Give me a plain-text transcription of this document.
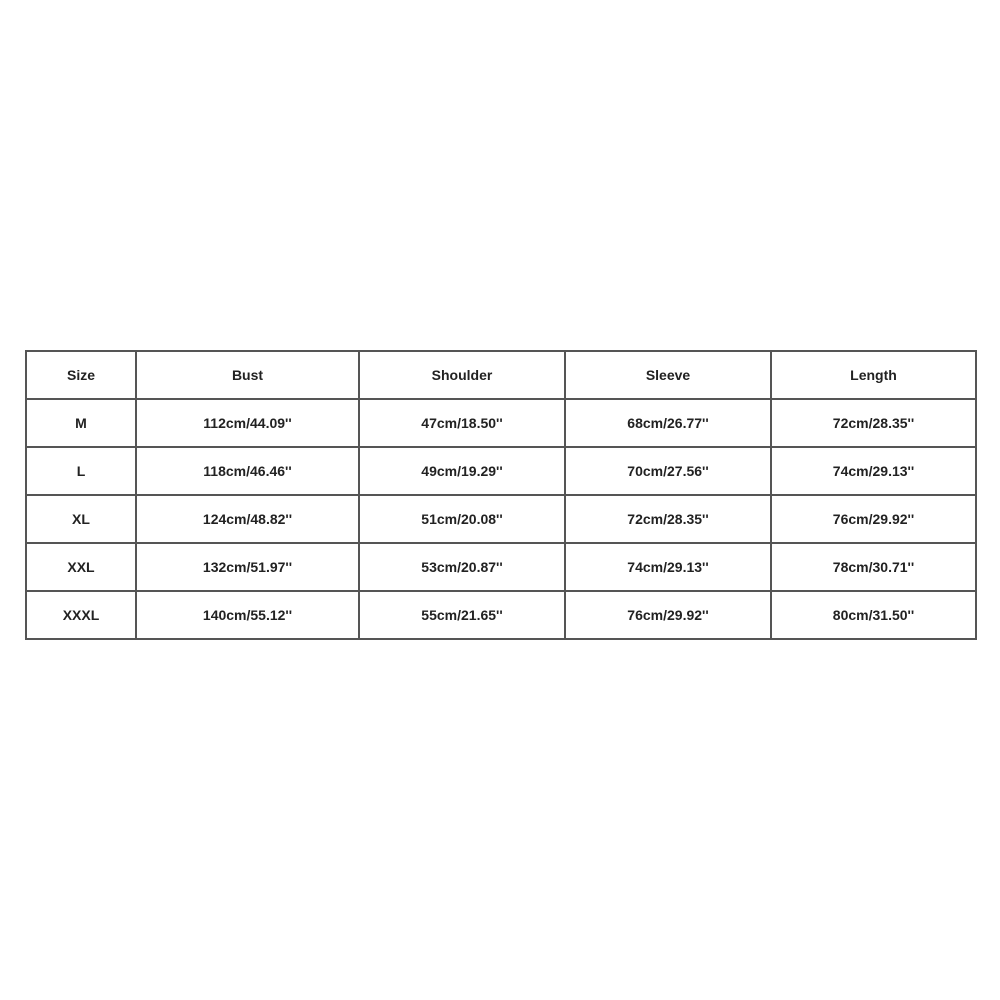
Size	Bust	Shoulder	Sleeve	Length
M	112cm/44.09''	47cm/18.50''	68cm/26.77''	72cm/28.35''
L	118cm/46.46''	49cm/19.29''	70cm/27.56''	74cm/29.13''
XL	124cm/48.82''	51cm/20.08''	72cm/28.35''	76cm/29.92''
XXL	132cm/51.97''	53cm/20.87''	74cm/29.13''	78cm/30.71''
XXXL	140cm/55.12''	55cm/21.65''	76cm/29.92''	80cm/31.50''
